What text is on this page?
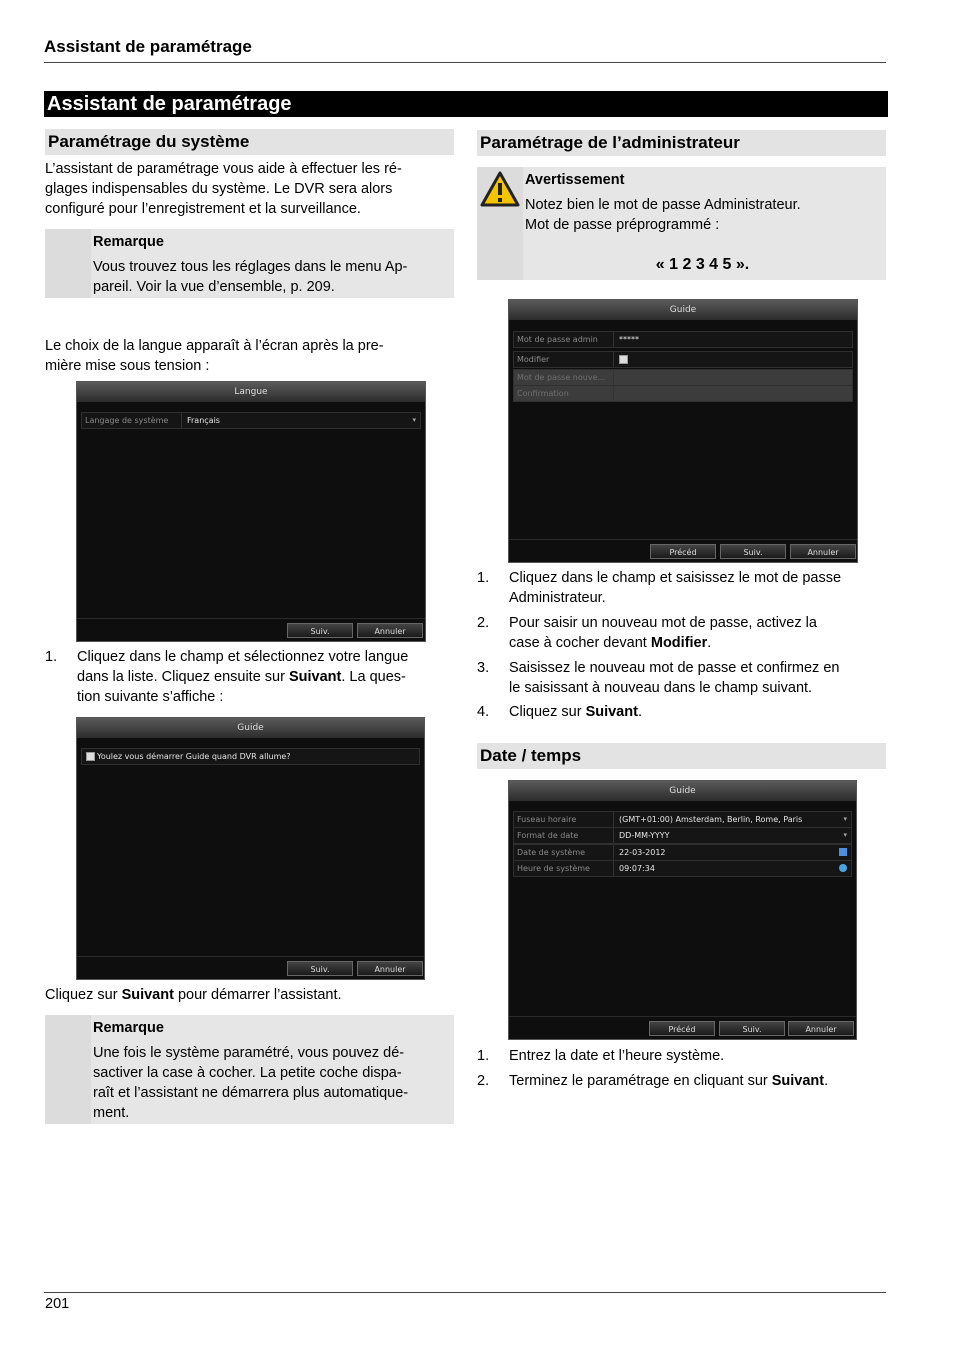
Assistant de paramétrage
Assistant de paramétrage
Paramétrage du système
L’assistant de paramétrage vous aide à effectuer les ré-
glages indispensables du système. Le DVR sera alors
configuré pour l’enregistrement et la surveillance.
Remarque
Vous trouvez tous les réglages dans le menu Ap-
pareil. Voir la vue d’ensemble, p. 209.
Le choix de la langue apparaît à l’écran après la pre-
mière mise sous tension :
Langue
Langage de système	Français	▾
Suiv.	Annuler
1. Cliquez dans le champ et sélectionnez votre langue
dans la liste. Cliquez ensuite sur Suivant. La ques-
tion suivante s’affiche :
Guide
Youlez vous démarrer Guide quand DVR allume?
Suiv.	Annuler
Cliquez sur Suivant pour démarrer l’assistant.
Remarque
Une fois le système paramétré, vous pouvez dé-
sactiver la case à cocher. La petite coche dispa-
raît et l’assistant ne démarrera plus automatique-
ment.
Paramétrage de l’administrateur
Avertissement
Notez bien le mot de passe Administrateur.
Mot de passe préprogrammé :
« 1 2 3 4 5 ».
Guide
Mot de passe admin	*****
Modifier
Mot de passe nouve...
Confirmation
Précéd	Suiv.	Annuler
1. Cliquez dans le champ et saisissez le mot de passe
Administrateur.
2. Pour saisir un nouveau mot de passe, activez la
case à cocher devant Modifier.
3. Saisissez le nouveau mot de passe et confirmez en
le saisissant à nouveau dans le champ suivant.
4. Cliquez sur Suivant.
Date / temps
Guide
Fuseau horaire	(GMT+01:00) Amsterdam, Berlin, Rome, Paris	▾
Format de date	DD-MM-YYYY	▾
Date de système	22-03-2012
Heure de système	09:07:34
Précéd	Suiv.	Annuler
1. Entrez la date et l’heure système.
2. Terminez le paramétrage en cliquant sur Suivant.
201
